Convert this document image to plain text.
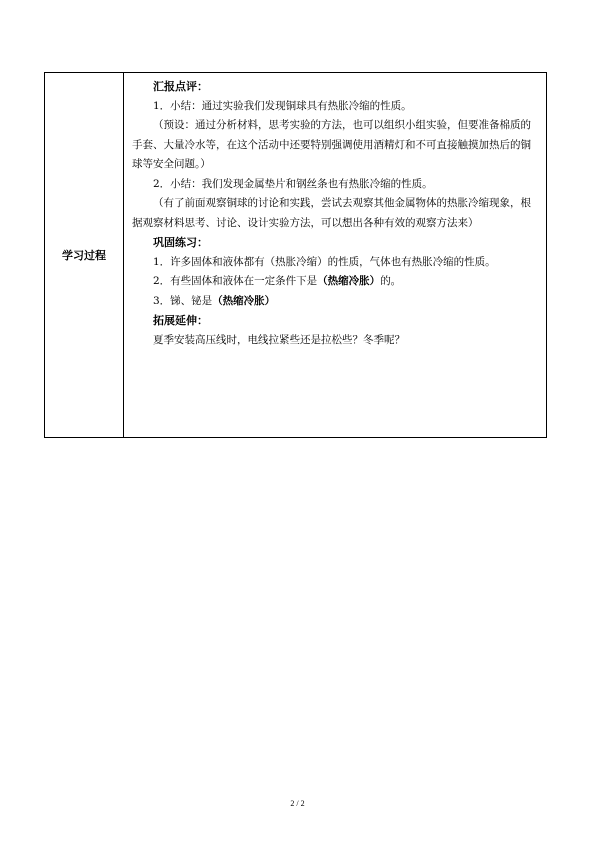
学习过程	

汇报点评：

1．小结：通过实验我们发现铜球具有热胀冷缩的性质。

（预设：通过分析材料，思考实验的方法，也可以组织小组实验，但要准备棉质的手套、大量冷水等，在这个活动中还要特别强调使用酒精灯和不可直接触摸加热后的铜球等安全问题。）

2．小结：我们发现金属垫片和钢丝条也有热胀冷缩的性质。

（有了前面观察铜球的讨论和实践，尝试去观察其他金属物体的热胀冷缩现象，根据观察材料思考、讨论、设计实验方法，可以想出各种有效的观察方法来）

巩固练习：

1．许多固体和液体都有（热胀冷缩）的性质，气体也有热胀冷缩的性质。

2．有些固体和液体在一定条件下是（热缩冷胀）的。

3．锑、铋是（热缩冷胀）

拓展延伸：

夏季安装高压线时，电线拉紧些还是拉松些？冬季呢？

2 / 2
